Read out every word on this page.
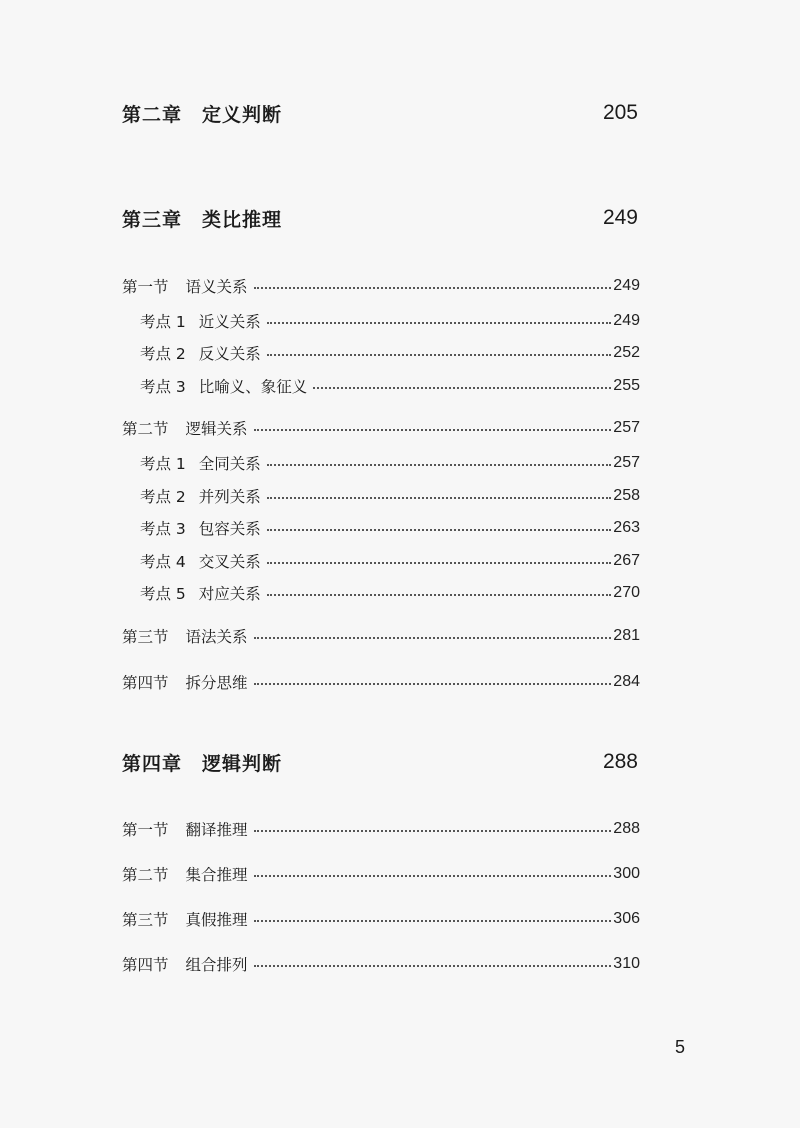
第二章　定义判断	205
第三章　类比推理	249
第一节 语义关系	249
考点 1 近义关系	249
考点 2 反义关系	252
考点 3 比喻义、象征义	255
第二节 逻辑关系	257
考点 1 全同关系	257
考点 2 并列关系	258
考点 3 包容关系	263
考点 4 交叉关系	267
考点 5 对应关系	270
第三节 语法关系	281
第四节 拆分思维	284
第四章　逻辑判断	288
第一节 翻译推理	288
第二节 集合推理	300
第三节 真假推理	306
第四节 组合排列	310
5
